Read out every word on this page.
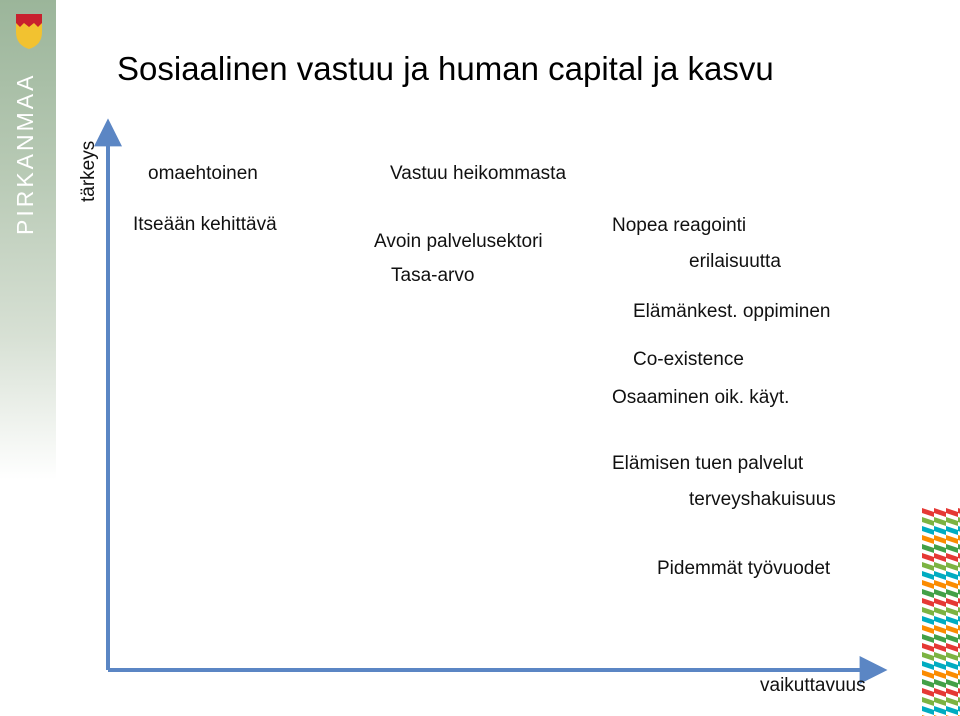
PIRKANMAA
Sosiaalinen vastuu ja human capital ja kasvu
tärkeys	omaehtoinen	Vastuu heikommasta
Itseään kehittävä
Avoin palvelusektori
Tasa-arvo
Nopea reagointi
erilaisuutta
Elämänkest. oppiminen
Co-existence
Osaaminen oik. käyt.
Elämisen tuen palvelut
terveyshakuisuus
Pidemmät työvuodet
vaikuttavuus
